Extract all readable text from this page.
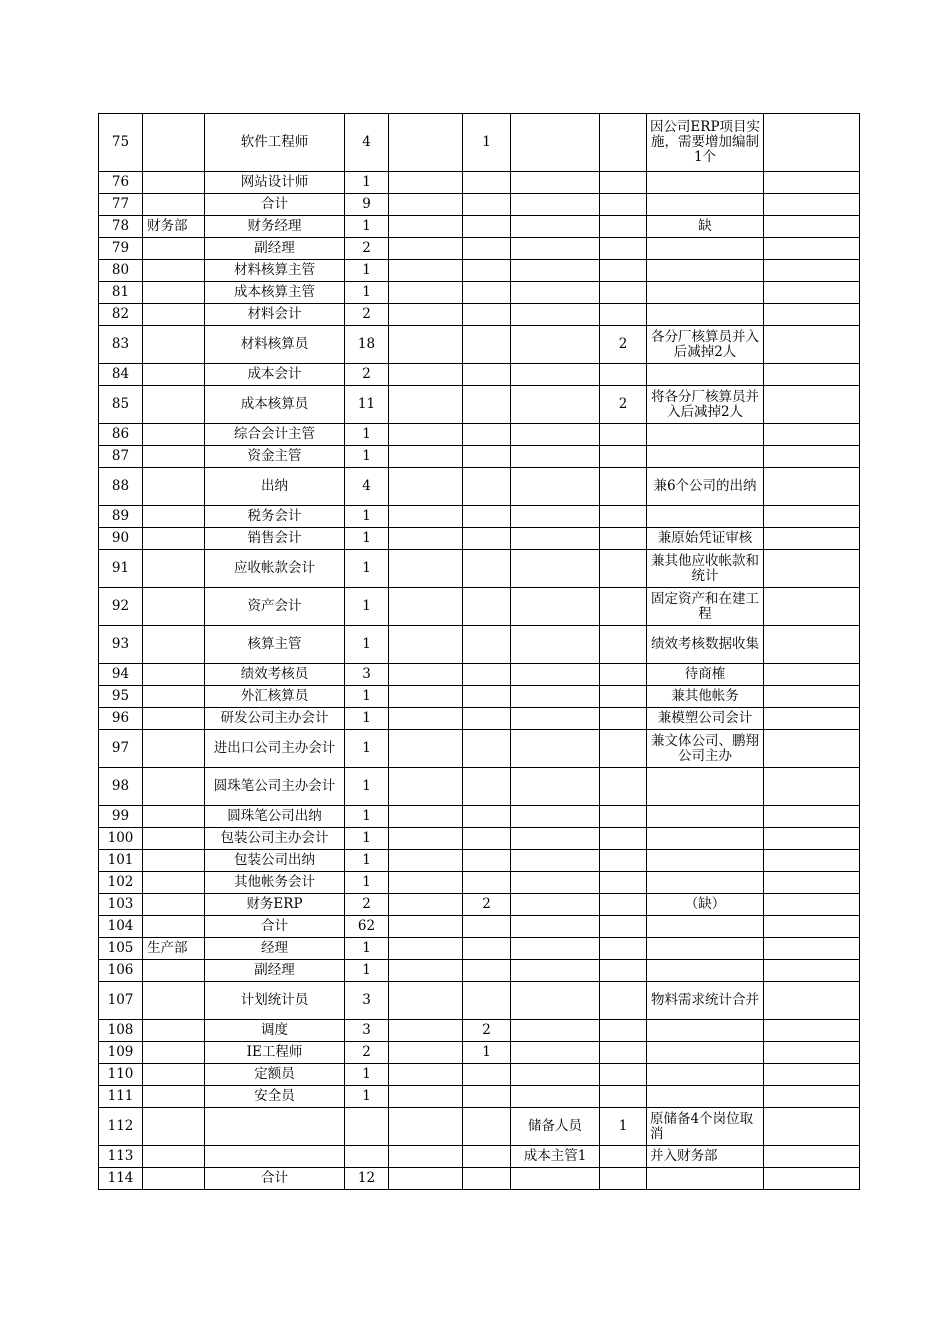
75		软件工程师	4		1			因公司ERP项目实施，需要增加编制1个	
76		网站设计师	1						
77		合计	9						
78	财务部	财务经理	1					缺	
79		副经理	2						
80		材料核算主管	1						
81		成本核算主管	1						
82		材料会计	2						
83		材料核算员	18				2	各分厂核算员并入后减掉2人	
84		成本会计	2						
85		成本核算员	11				2	将各分厂核算员并入后减掉2人	
86		综合会计主管	1						
87		资金主管	1						
88		出纳	4					兼6个公司的出纳	
89		税务会计	1						
90		销售会计	1					兼原始凭证审核	
91		应收帐款会计	1					兼其他应收帐款和统计	
92		资产会计	1					固定资产和在建工程	
93		核算主管	1					绩效考核数据收集	
94		绩效考核员	3					待商榷	
95		外汇核算员	1					兼其他帐务	
96		研发公司主办会计	1					兼模塑公司会计	
97		进出口公司主办会计	1					兼文体公司、鹏翔公司主办	
98		圆珠笔公司主办会计	1						
99		圆珠笔公司出纳	1						
100		包装公司主办会计	1						
101		包装公司出纳	1						
102		其他帐务会计	1						
103		财务ERP	2		2			（缺）	
104		合计	62						
105	生产部	经理	1						
106		副经理	1						
107		计划统计员	3					物料需求统计合并	
108		调度	3		2				
109		IE工程师	2		1				
110		定额员	1						
111		安全员	1						
112						储备人员	1	原储备4个岗位取消	
113						成本主管1		并入财务部	
114		合计	12						
